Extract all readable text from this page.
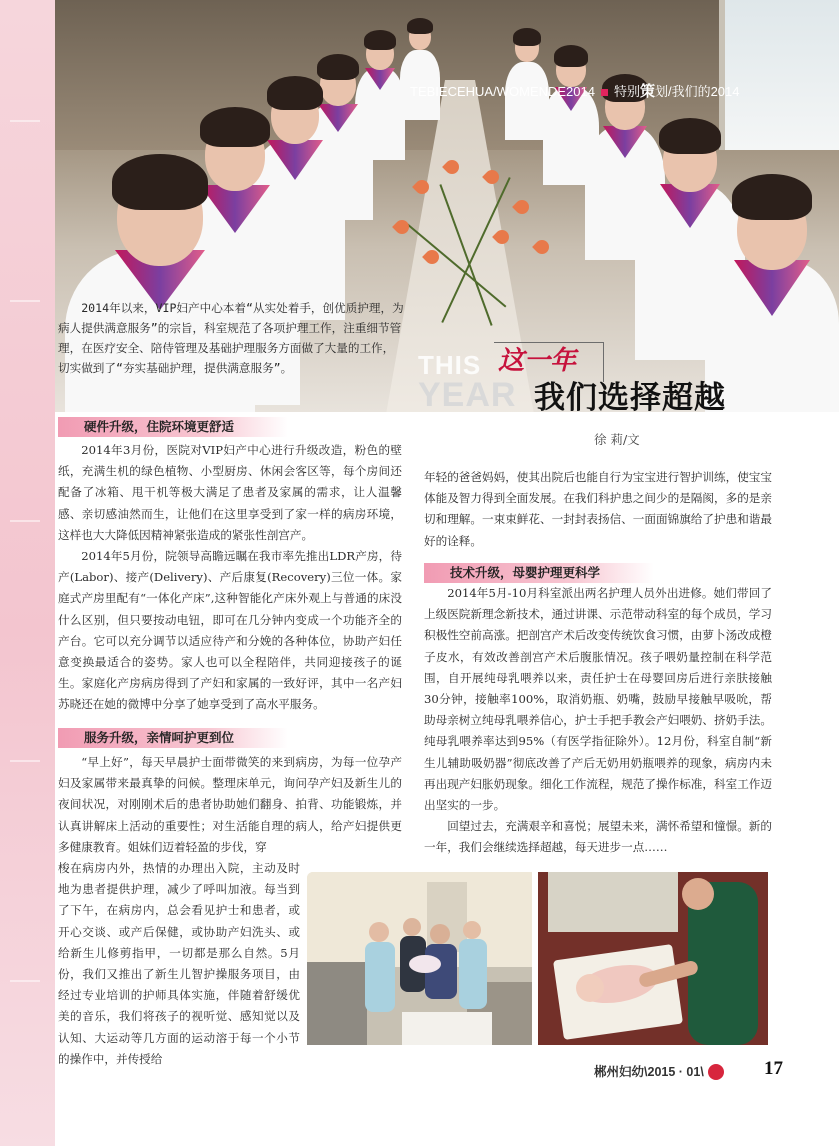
TEBIECEHUA/WOMENDE2014 特别策划/我们的2014

2014年以来，VIP妇产中心本着“从实处着手，创优质护理，为病人提供满意服务”的宗旨，科室规范了各项护理工作，注重细节管理，在医疗安全、陪侍管理及基础护理服务方面做了大量的工作，切实做到了“夯实基础护理，提供满意服务”。	THIS
YEAR
这一年
我们选择超越
徐 莉/文
硬件升级，住院环境更舒适

2014年3月份，医院对VIP妇产中心进行升级改造，粉色的壁纸，充满生机的绿色植物、小型厨房、休闲会客区等，每个房间还配备了冰箱、甩干机等极大满足了患者及家属的需求，让人温馨感、亲切感油然而生，让他们在这里享受到了家一样的病房环境，这样也大大降低因精神紧张造成的紧张性剖宫产。

2014年5月份，院领导高瞻远瞩在我市率先推出LDR产房，待产(Labor)、接产(Delivery)、产后康复(Recovery)三位一体。家庭式产房里配有“一体化产床”,这种智能化产床外观上与普通的床没什么区别，但只要按动电钮，即可在几分钟内变成一个功能齐全的产台。它可以充分调节以适应待产和分娩的各种体位，协助产妇任意变换最适合的姿势。家人也可以全程陪伴，共同迎接孩子的诞生。家庭化产房病房得到了产妇和家属的一致好评，其中一名产妇苏晓还在她的微博中分享了她享受到了高水平服务。

服务升级，亲情呵护更到位

“早上好”，每天早晨护士面带微笑的来到病房，为每一位孕产妇及家属带来最真挚的问候。整理床单元，询问孕产妇及新生儿的夜间状况，对刚刚术后的患者协助她们翻身、拍背、功能锻炼，并认真讲解床上活动的重要性；对生活能自理的病人，给产妇提供更多健康教育。姐妹们迈着轻盈的步伐，穿

梭在病房内外，热情的办理出入院，主动及时地为患者提供护理，减少了呼叫加液。每当到了下午，在病房内，总会看见护士和患者，或开心交谈、或产后保健，或协助产妇洗头、或给新生儿修剪指甲，一切都是那么自然。5月份，我们又推出了新生儿智护操服务项目，由经过专业培训的护师具体实施，伴随着舒缓优美的音乐，我们将孩子的视听觉、感知觉以及认知、大运动等几方面的运动溶于每一个小节的操作中，并传授给

年轻的爸爸妈妈，使其出院后也能自行为宝宝进行智护训练，使宝宝体能及智力得到全面发展。在我们科护患之间少的是隔阂，多的是亲切和理解。一束束鲜花、一封封表扬信、一面面锦旗给了护患和谐最好的诠释。

技术升级，母婴护理更科学

2014年5月-10月科室派出两名护理人员外出进修。她们带回了上级医院新理念新技术，通过讲课、示范带动科室的每个成员，学习积极性空前高涨。把剖宫产术后改变传统饮食习惯，由萝卜汤改成橙子皮水，有效改善剖宫产术后腹胀情况。孩子喂奶量控制在科学范围，自开展纯母乳喂养以来，责任护士在母婴回房后进行亲肤接触30分钟，接触率100%，取消奶瓶、奶嘴，鼓励早接触早吸吮，帮助母亲树立纯母乳喂养信心，护士手把手教会产妇喂奶、挤奶手法。纯母乳喂养率达到95%（有医学指征除外）。12月份，科室自制“新生儿辅助吸奶器”彻底改善了产后无奶用奶瓶喂养的现象，病房内未再出现产妇胀奶现象。细化工作流程，规范了操作标准，科室工作迈出坚实的一步。

回望过去，充满艰辛和喜悦；展望未来，满怀希望和憧憬。新的一年，我们会继续选择超越，每天进步一点……

郴州妇幼\2015 · 01\	17
